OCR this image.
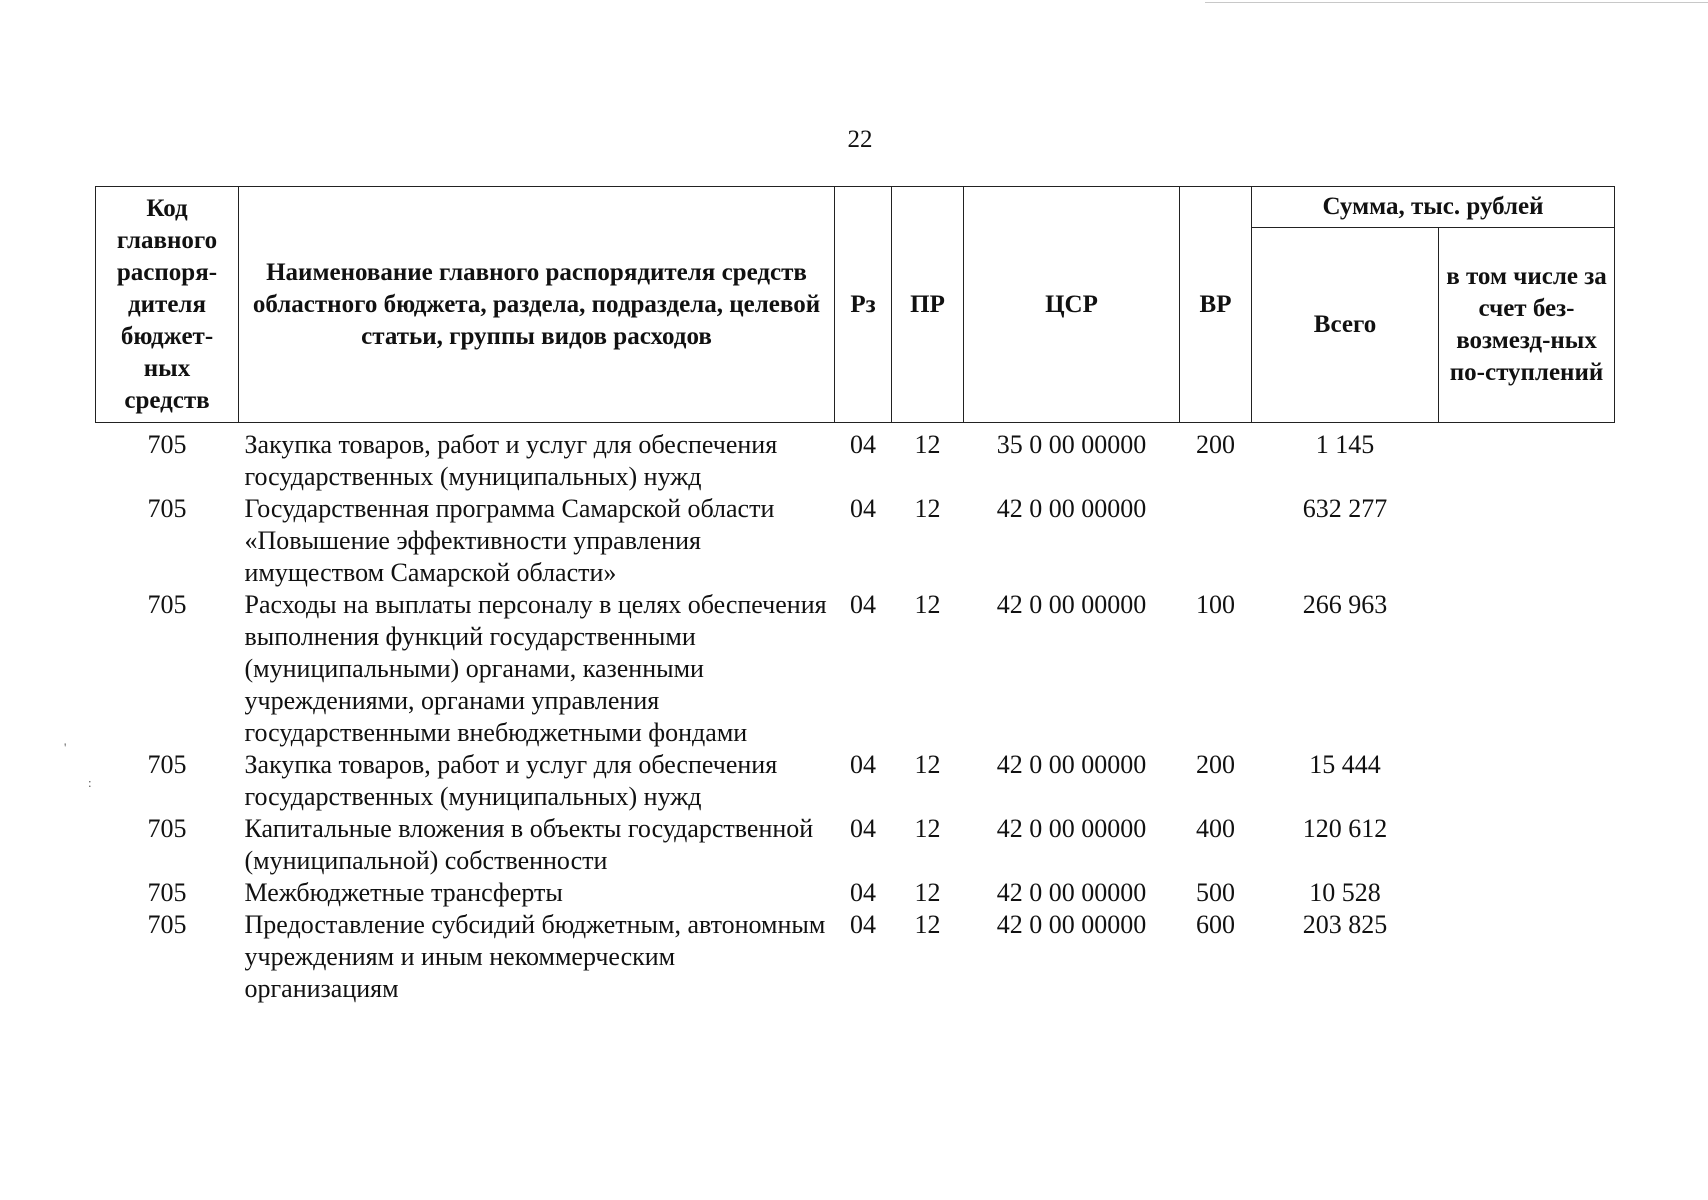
'
:
22
Код главного распоря-дителя бюджет-ных средств	Наименование главного распорядителя средств областного бюджета, раздела, подраздела, целевой статьи, группы видов расходов	Рз	ПР	ЦСР	ВР	Сумма, тыс. рублей	
						Всего	в том числе за счет без-возмезд-ных по-ступлений
705	Закупка товаров, работ и услуг для обеспечения государственных (муниципальных) нужд	04	12	35 0 00 00000	200	1 145	
705	Государственная программа Самарской области «Повышение эффективности управления имуществом Самарской области»	04	12	42 0 00 00000		632 277	
705	Расходы на выплаты персоналу в целях обеспечения выполнения функций государственными (муниципальными) органами, казенными учреждениями, органами управления государственными внебюджетными фондами	04	12	42 0 00 00000	100	266 963	
705	Закупка товаров, работ и услуг для обеспечения государственных (муниципальных) нужд	04	12	42 0 00 00000	200	15 444	
705	Капитальные вложения в объекты государственной (муниципальной) собственности	04	12	42 0 00 00000	400	120 612	
705	Межбюджетные трансферты	04	12	42 0 00 00000	500	10 528	
705	Предоставление субсидий бюджетным, автономным учреждениям и иным некоммерческим организациям	04	12	42 0 00 00000	600	203 825	
